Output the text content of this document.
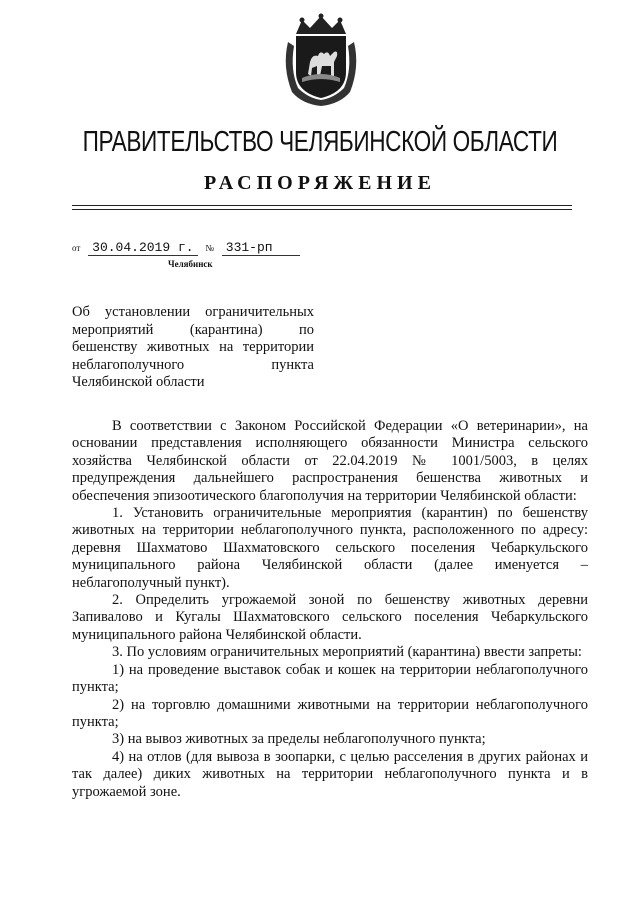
ПРАВИТЕЛЬСТВО ЧЕЛЯБИНСКОЙ ОБЛАСТИ
РАСПОРЯЖЕНИЕ
от 30.04.2019 г. № 331-рп
Челябинск
Об установлении ограничительных мероприятий (карантина) по бешенству животных на территории неблагополучного пункта Челябинской области

В соответствии с Законом Российской Федерации «О ветеринарии», на основании представления исполняющего обязанности Министра сельского хозяйства Челябинской области от 22.04.2019 № 1001/5003, в целях предупреждения дальнейшего распространения бешенства животных и обеспечения эпизоотического благополучия на территории Челябинской области:

1. Установить ограничительные мероприятия (карантин) по бешенству животных на территории неблагополучного пункта, расположенного по адресу: деревня Шахматово Шахматовского сельского поселения Чебаркульского муниципального района Челябинской области (далее именуется – неблагополучный пункт).

2. Определить угрожаемой зоной по бешенству животных деревни Запивалово и Кугалы Шахматовского сельского поселения Чебаркульского муниципального района Челябинской области.

3. По условиям ограничительных мероприятий (карантина) ввести запреты:

1) на проведение выставок собак и кошек на территории неблагополучного пункта;

2) на торговлю домашними животными на территории неблагополучного пункта;

3) на вывоз животных за пределы неблагополучного пункта;

4) на отлов (для вывоза в зоопарки, с целью расселения в других районах и так далее) диких животных на территории неблагополучного пункта и в угрожаемой зоне.
